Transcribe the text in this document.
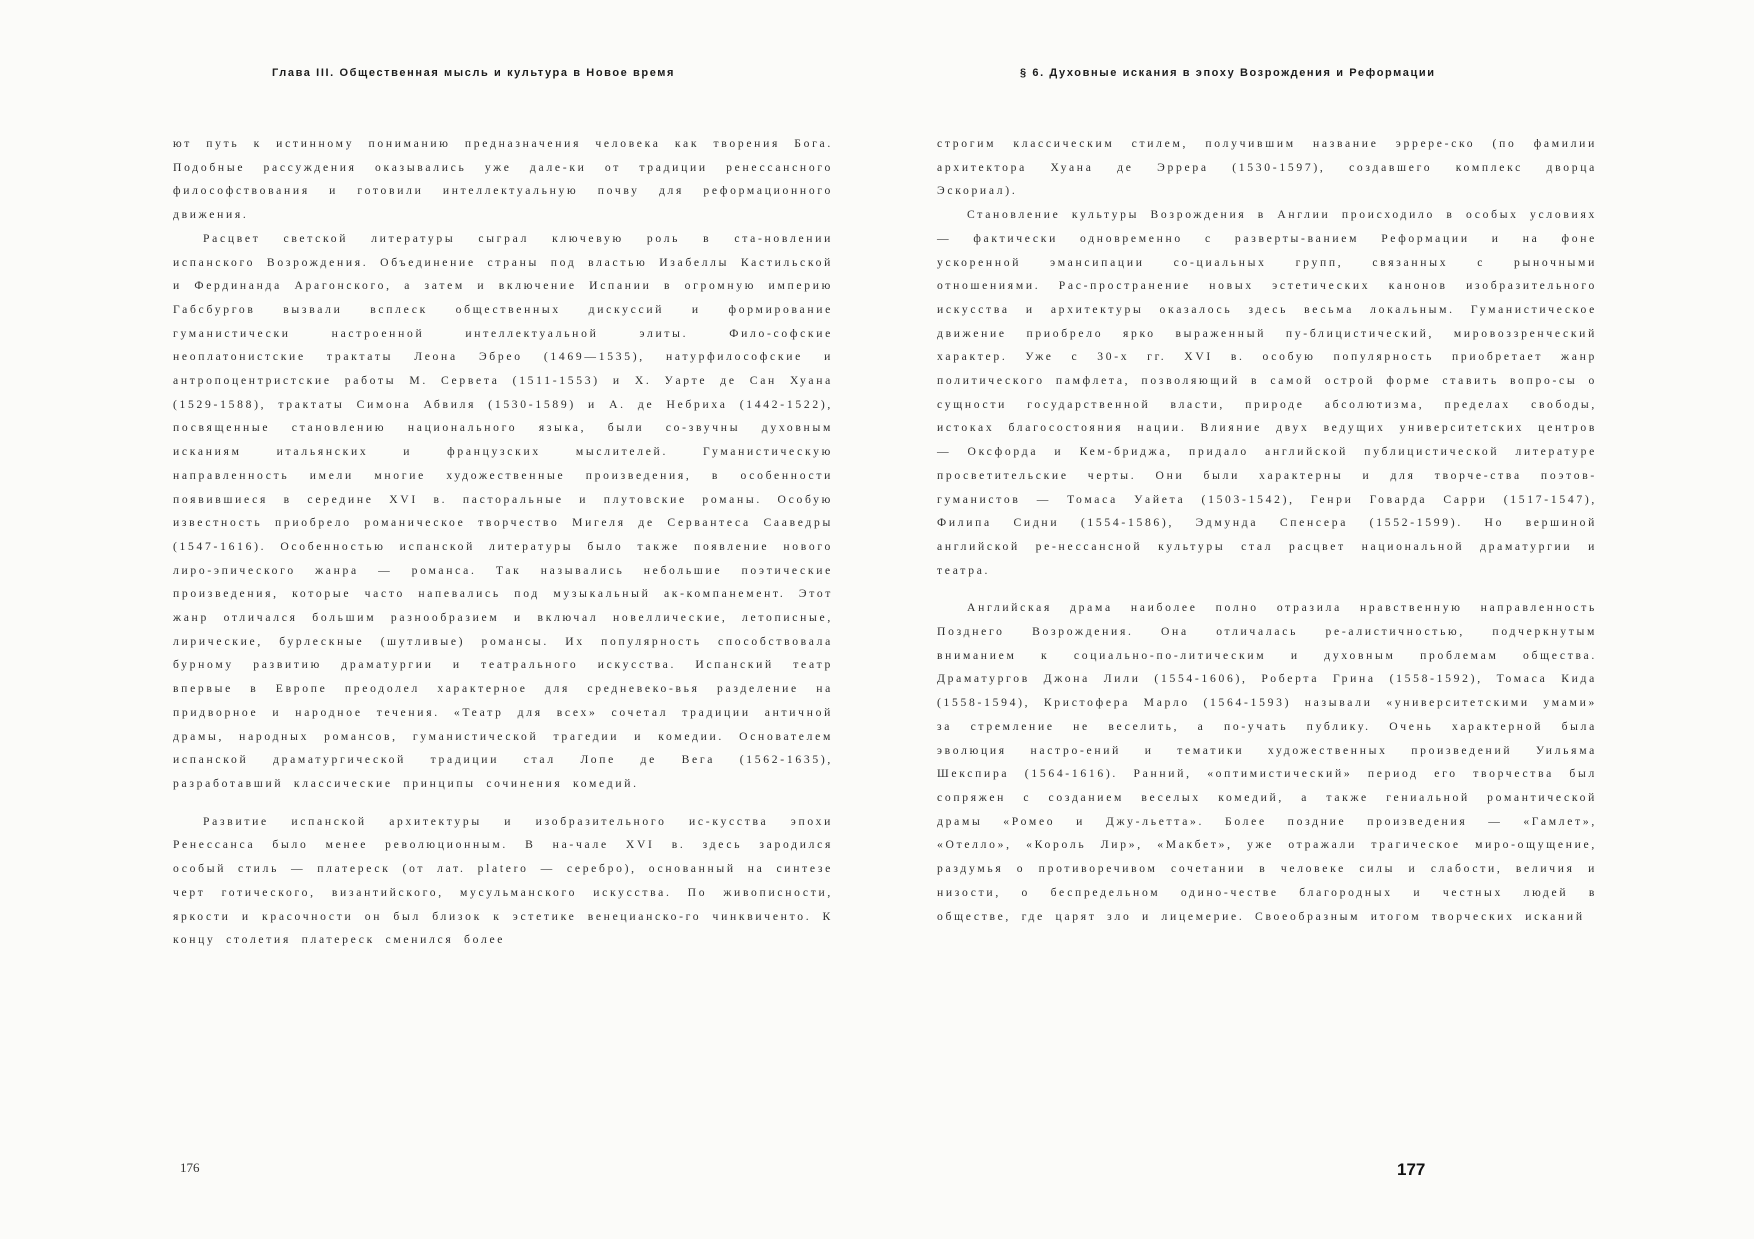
Глава III. Общественная мысль и культура в Новое время

ют путь к истинному пониманию предназначения человека как творения Бога. Подобные рассуждения оказывались уже дале-ки от традиции ренессансного философствования и готовили интеллектуальную почву для реформационного движения.

Расцвет светской литературы сыграл ключевую роль в ста-новлении испанского Возрождения. Объединение страны под властью Изабеллы Кастильской и Фердинанда Арагонского, а затем и включение Испании в огромную империю Габсбургов вызвали всплеск общественных дискуссий и формирование гуманистически настроенной интеллектуальной элиты. Фило-софские неоплатонистские трактаты Леона Эбрео (1469—1535), натурфилософские и антропоцентристские работы М. Сервета (1511-1553) и X. Уарте де Сан Хуана (1529-1588), трактаты Симона Абвиля (1530-1589) и А. де Небриха (1442-1522), посвященные становлению национального языка, были со-звучны духовным исканиям итальянских и французских мыслителей. Гуманистическую направленность имели многие художественные произведения, в особенности появившиеся в середине XVI в. пасторальные и плутовские романы. Особую известность приобрело романическое творчество Мигеля де Сервантеса Сааведры (1547-1616). Особенностью испанской литературы было также появление нового лиро-эпического жанра — романса. Так назывались небольшие поэтические произведения, которые часто напевались под музыкальный ак-компанемент. Этот жанр отличался большим разнообразием и включал новеллические, летописные, лирические, бурлескные (шутливые) романсы. Их популярность способствовала бурному развитию драматургии и театрального искусства. Испанский театр впервые в Европе преодолел характерное для средневеко-вья разделение на придворное и народное течения. «Театр для всех» сочетал традиции античной драмы, народных романсов, гуманистической трагедии и комедии. Основателем испанской драматургической традиции стал Лопе де Вега (1562-1635), разработавший классические принципы сочинения комедий.

Развитие испанской архитектуры и изобразительного ис-кусства эпохи Ренессанса было менее революционным. В на-чале XVI в. здесь зародился особый стиль — платереск (от лат. platero — серебро), основанный на синтезе черт готического, византийского, мусульманского искусства. По живописности, яркости и красочности он был близок к эстетике венецианско-го чинквиченто. К концу столетия платереск сменился более

176
§ 6. Духовные искания в эпоху Возрождения и Реформации

строгим классическим стилем, получившим название эррере-ско (по фамилии архитектора Хуана де Эррера (1530-1597), создавшего комплекс дворца Эскориал).

Становление культуры Возрождения в Англии происходило в особых условиях — фактически одновременно с разверты-ванием Реформации и на фоне ускоренной эмансипации со-циальных групп, связанных с рыночными отношениями. Рас-пространение новых эстетических канонов изобразительного искусства и архитектуры оказалось здесь весьма локальным. Гуманистическое движение приобрело ярко выраженный пу-блицистический, мировоззренческий характер. Уже с 30-х гг. XVI в. особую популярность приобретает жанр политического памфлета, позволяющий в самой острой форме ставить вопро-сы о сущности государственной власти, природе абсолютизма, пределах свободы, истоках благосостояния нации. Влияние двух ведущих университетских центров — Оксфорда и Кем-бриджа, придало английской публицистической литературе просветительские черты. Они были характерны и для творче-ства поэтов-гуманистов — Томаса Уайета (1503-1542), Генри Говарда Сарри (1517-1547), Филипа Сидни (1554-1586), Эдмунда Спенсера (1552-1599). Но вершиной английской ре-нессансной культуры стал расцвет национальной драматургии и театра.

Английская драма наиболее полно отразила нравственную направленность Позднего Возрождения. Она отличалась ре-алистичностью, подчеркнутым вниманием к социально-по-литическим и духовным проблемам общества. Драматургов Джона Лили (1554-1606), Роберта Грина (1558-1592), Томаса Кида (1558-1594), Кристофера Марло (1564-1593) называли «университетскими умами» за стремление не веселить, а по-учать публику. Очень характерной была эволюция настро-ений и тематики художественных произведений Уильяма Шекспира (1564-1616). Ранний, «оптимистический» период его творчества был сопряжен с созданием веселых комедий, а также гениальной романтической драмы «Ромео и Джу-льетта». Более поздние произведения — «Гамлет», «Отелло», «Король Лир», «Макбет», уже отражали трагическое миро-ощущение, раздумья о противоречивом сочетании в человеке силы и слабости, величия и низости, о беспредельном одино-честве благородных и честных людей в обществе, где царят зло и лицемерие. Своеобразным итогом творческих исканий

177
